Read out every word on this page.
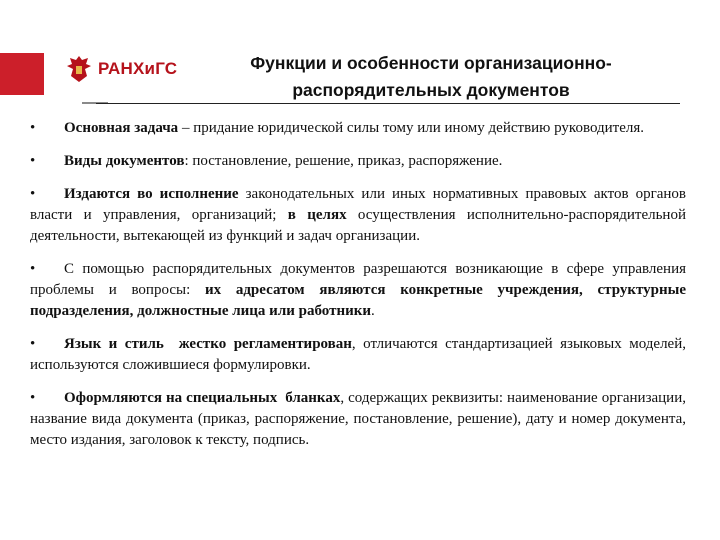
РАНХиГС	Функции и особенности организационно-
распорядительных документов

• Основная задача – придание юридической силы тому или иному действию руководителя.

• Виды документов: постановление, решение, приказ, распоряжение.

• Издаются во исполнение законодательных или иных нормативных правовых актов органов власти и управления, организаций; в целях осуществления исполнительно-распорядительной деятельности, вытекающей из функций и задач организации.

• С помощью распорядительных документов разрешаются возникающие в сфере управления проблемы и вопросы: их адресатом являются конкретные учреждения, структурные подразделения, должностные лица или работники.

• Язык и стиль  жестко регламентирован, отличаются стандартизацией языковых моделей, используются сложившиеся формулировки.

• Оформляются на специальных  бланках, содержащих реквизиты: наименование организации, название вида документа (приказ, распоряжение, постановление, решение), дату и номер документа, место издания, заголовок к тексту, подпись.
